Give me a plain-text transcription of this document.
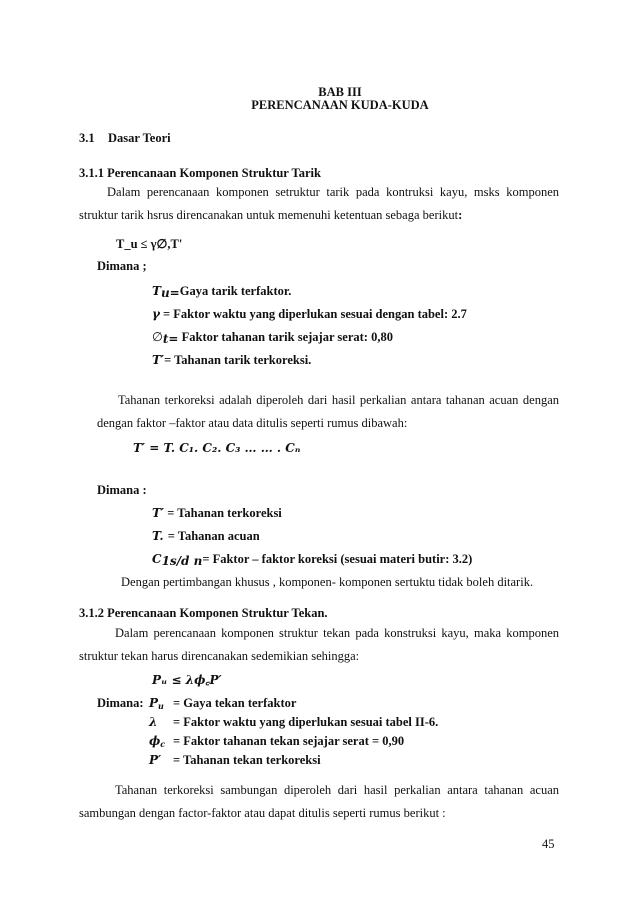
BAB III
PERENCANAAN KUDA-KUDA
3.1 Dasar Teori
3.1.1 Perencanaan Komponen Struktur Tarik
Dalam perencanaan komponen setruktur tarik pada kontruksi kayu, msks komponen
struktur tarik hsrus direncanakan untuk memenuhi ketentuan sebaga berikut:
T_u ≤ γ∅,T'
Dimana ;
$T_{u=}Gaya$ tarik terfaktor.
γ = Faktor waktu yang diperlukan sesuai dengan tabel: 2.7
$\emptyset_{t=}$ Faktor tahanan tarik sejajar serat: 0,80
T′= Tahanan tarik terkoreksi.
Tahanan terkoreksi adalah diperoleh dari hasil perkalian antara tahanan acuan dengan
dengan faktor –faktor atau data ditulis seperti rumus dibawah:
T′ = T. C₁. C₂. C₃ … … . Cₙ
Dimana :
T′ = Tahanan terkoreksi
T. = Tahanan acuan
$C_{1s/d n}=$ Faktor – faktor koreksi (sesuai materi butir: 3.2)
Dengan pertimbangan khusus , komponen- komponen sertuktu tidak boleh ditarik.
3.1.2 Perencanaan Komponen Struktur Tekan.
Dalam perencanaan komponen struktur tekan pada konstruksi kayu, maka komponen
struktur tekan harus direncanakan sedemikian sehingga:
Pᵤ ≤ λϕ꜀P′
Dimana: $P_u$ = Gaya tekan terfaktor
λ = Faktor waktu yang diperlukan sesuai tabel II-6.
$\phi_c$ = Faktor tahanan tekan sejajar serat = 0,90
P′ = Tahanan tekan terkoreksi
Tahanan terkoreksi sambungan diperoleh dari hasil perkalian antara tahanan acuan
sambungan dengan factor-faktor atau dapat ditulis seperti rumus berikut :
45
